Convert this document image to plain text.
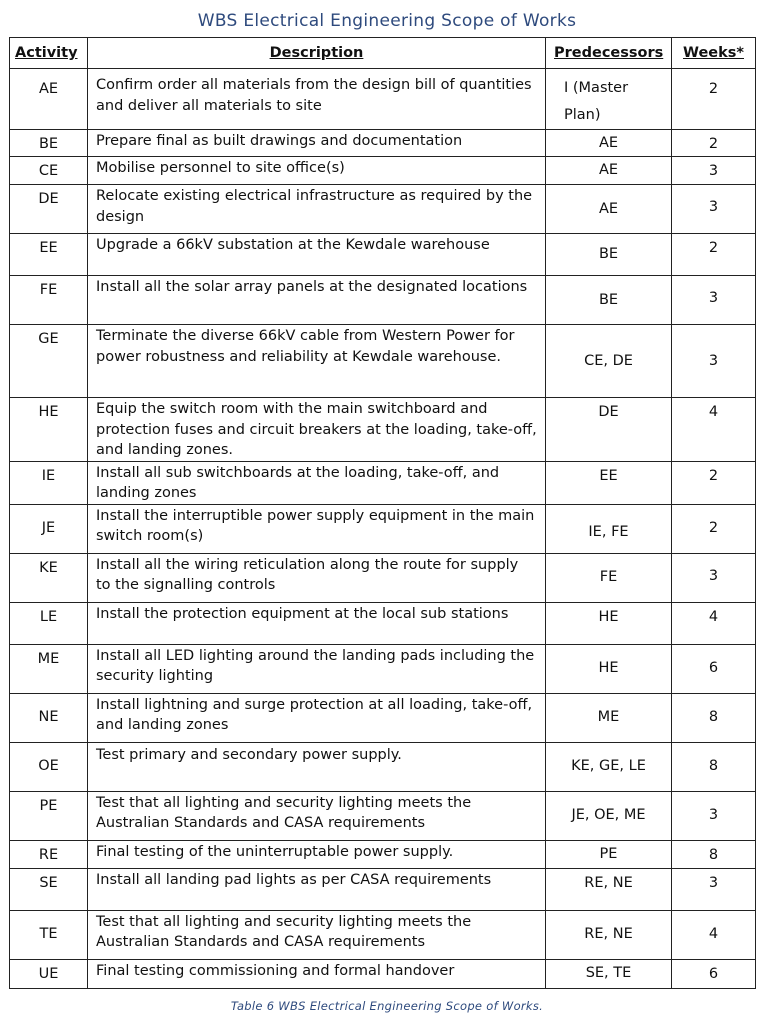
WBS Electrical Engineering Scope of Works
Activity	Description	Predecessors	Weeks*
AE	Confirm order all materials from the design bill of quantities and deliver all materials to site	I (Master Plan)	2
BE	Prepare final as built drawings and documentation	AE	2
CE	Mobilise personnel to site office(s)	AE	3
DE	Relocate existing electrical infrastructure as required by the design	AE	3
EE	Upgrade a 66kV substation at the Kewdale warehouse	BE	2
FE	Install all the solar array panels at the designated locations	BE	3
GE	Terminate the diverse 66kV cable from Western Power for power robustness and reliability at Kewdale warehouse.	CE, DE	3
HE	Equip the switch room with the main switchboard and protection fuses and circuit breakers at the loading, take-off, and landing zones.	DE	4
IE	Install all sub switchboards at the loading, take-off, and landing zones	EE	2
JE	Install the interruptible power supply equipment in the main switch room(s)	IE, FE	2
KE	Install all the wiring reticulation along the route for supply to the signalling controls	FE	3
LE	Install the protection equipment at the local sub stations	HE	4
ME	Install all LED lighting around the landing pads including the security lighting	HE	6
NE	Install lightning and surge protection at all loading, take-off, and landing zones	ME	8
OE	Test primary and secondary power supply.	KE, GE, LE	8
PE	Test that all lighting and security lighting meets the Australian Standards and CASA requirements	JE, OE, ME	3
RE	Final testing of the uninterruptable power supply.	PE	8
SE	Install all landing pad lights as per CASA requirements	RE, NE	3
TE	Test that all lighting and security lighting meets the Australian Standards and CASA requirements	RE, NE	4
UE	Final testing commissioning and formal handover	SE, TE	6
Table 6 WBS Electrical Engineering Scope of Works.
